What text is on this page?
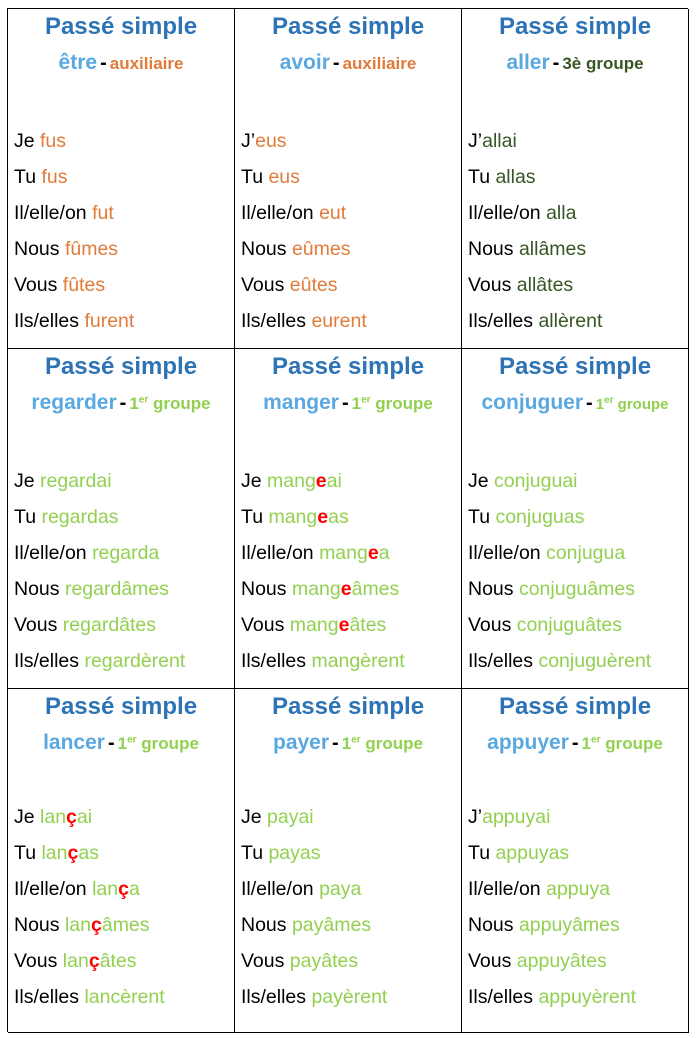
Passé simple
être - auxiliaire
Je fus
Tu fus
Il/elle/on fut
Nous fûmes
Vous fûtes
Ils/elles furent
Passé simple
avoir - auxiliaire
J’eus
Tu eus
Il/elle/on eut
Nous eûmes
Vous eûtes
Ils/elles eurent
Passé simple
aller - 3è groupe
J’allai
Tu allas
Il/elle/on alla
Nous allâmes
Vous allâtes
Ils/elles allèrent
Passé simple
regarder - 1er groupe
Je regardai
Tu regardas
Il/elle/on regarda
Nous regardâmes
Vous regardâtes
Ils/elles regardèrent
Passé simple
manger - 1er groupe
Je mangeai
Tu mangeas
Il/elle/on mangea
Nous mangeâmes
Vous mangeâtes
Ils/elles mangèrent
Passé simple
conjuguer - 1er groupe
Je conjuguai
Tu conjuguas
Il/elle/on conjugua
Nous conjuguâmes
Vous conjuguâtes
Ils/elles conjuguèrent
Passé simple
lancer - 1er groupe
Je lançai
Tu lanças
Il/elle/on lança
Nous lançâmes
Vous lançâtes
Ils/elles lancèrent
Passé simple
payer - 1er groupe
Je payai
Tu payas
Il/elle/on paya
Nous payâmes
Vous payâtes
Ils/elles payèrent
Passé simple
appuyer - 1er groupe
J’appuyai
Tu appuyas
Il/elle/on appuya
Nous appuyâmes
Vous appuyâtes
Ils/elles appuyèrent
